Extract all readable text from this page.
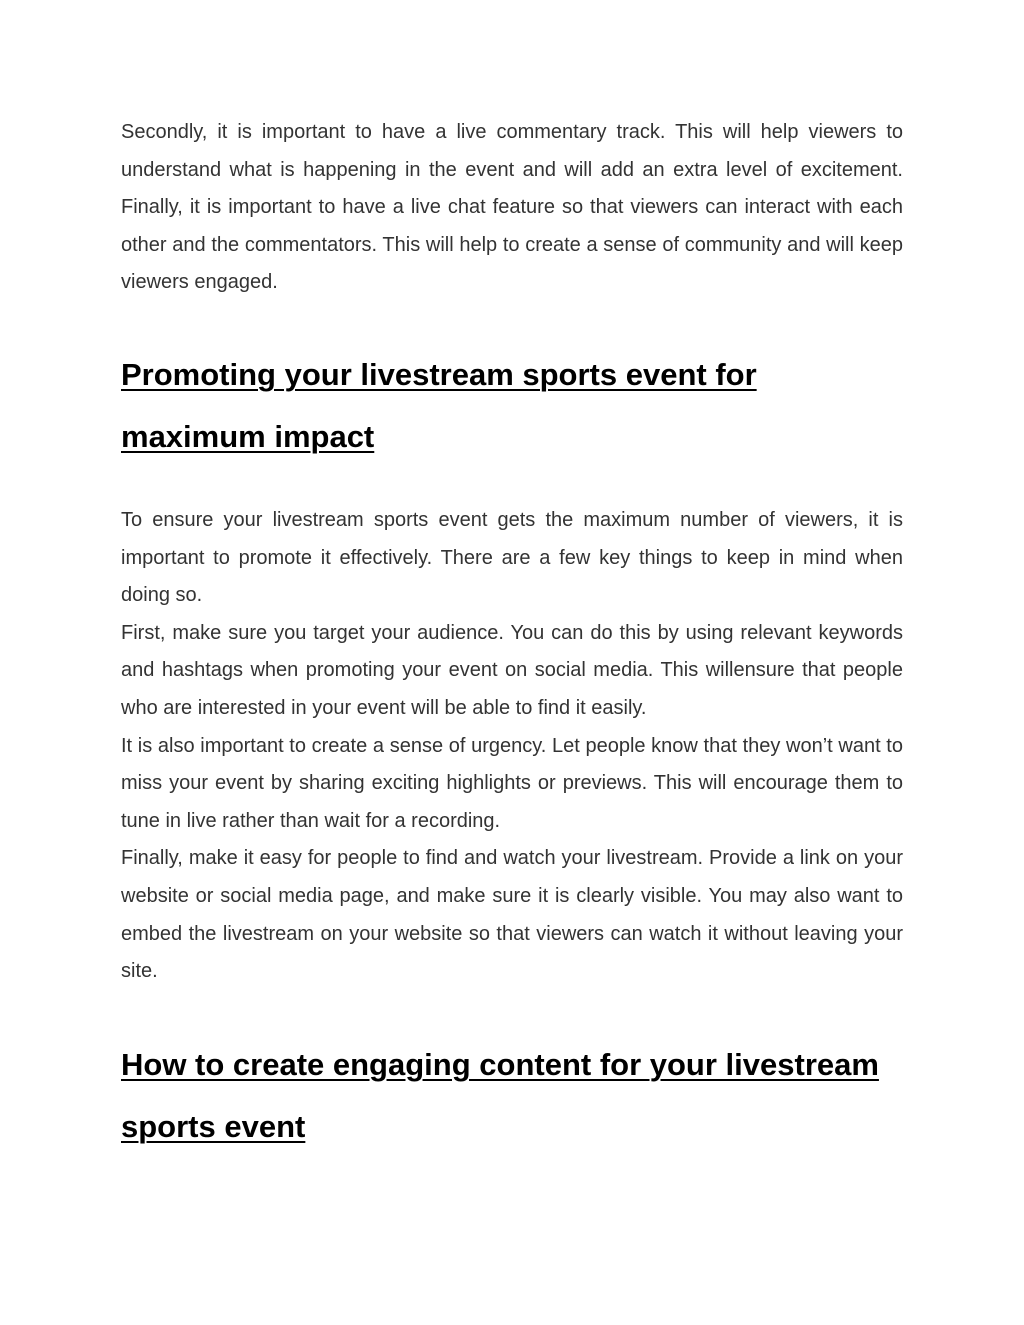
Secondly, it is important to have a live commentary track. This will help viewers to understand what is happening in the event and will add an extra level of excitement. Finally, it is important to have a live chat feature so that viewers can interact with each other and the commentators. This will help to create a sense of community and will keep viewers engaged.

Promoting your livestream sports event for maximum impact

To ensure your livestream sports event gets the maximum number of viewers, it is important to promote it effectively. There are a few key things to keep in mind when doing so.

First, make sure you target your audience. You can do this by using relevant keywords and hashtags when promoting your event on social media. This willensure that people who are interested in your event will be able to find it easily.

It is also important to create a sense of urgency. Let people know that they won’t want to miss your event by sharing exciting highlights or previews. This will encourage them to tune in live rather than wait for a recording.

Finally, make it easy for people to find and watch your livestream. Provide a link on your website or social media page, and make sure it is clearly visible. You may also want to embed the livestream on your website so that viewers can watch it without leaving your site.

How to create engaging content for your livestream sports event
